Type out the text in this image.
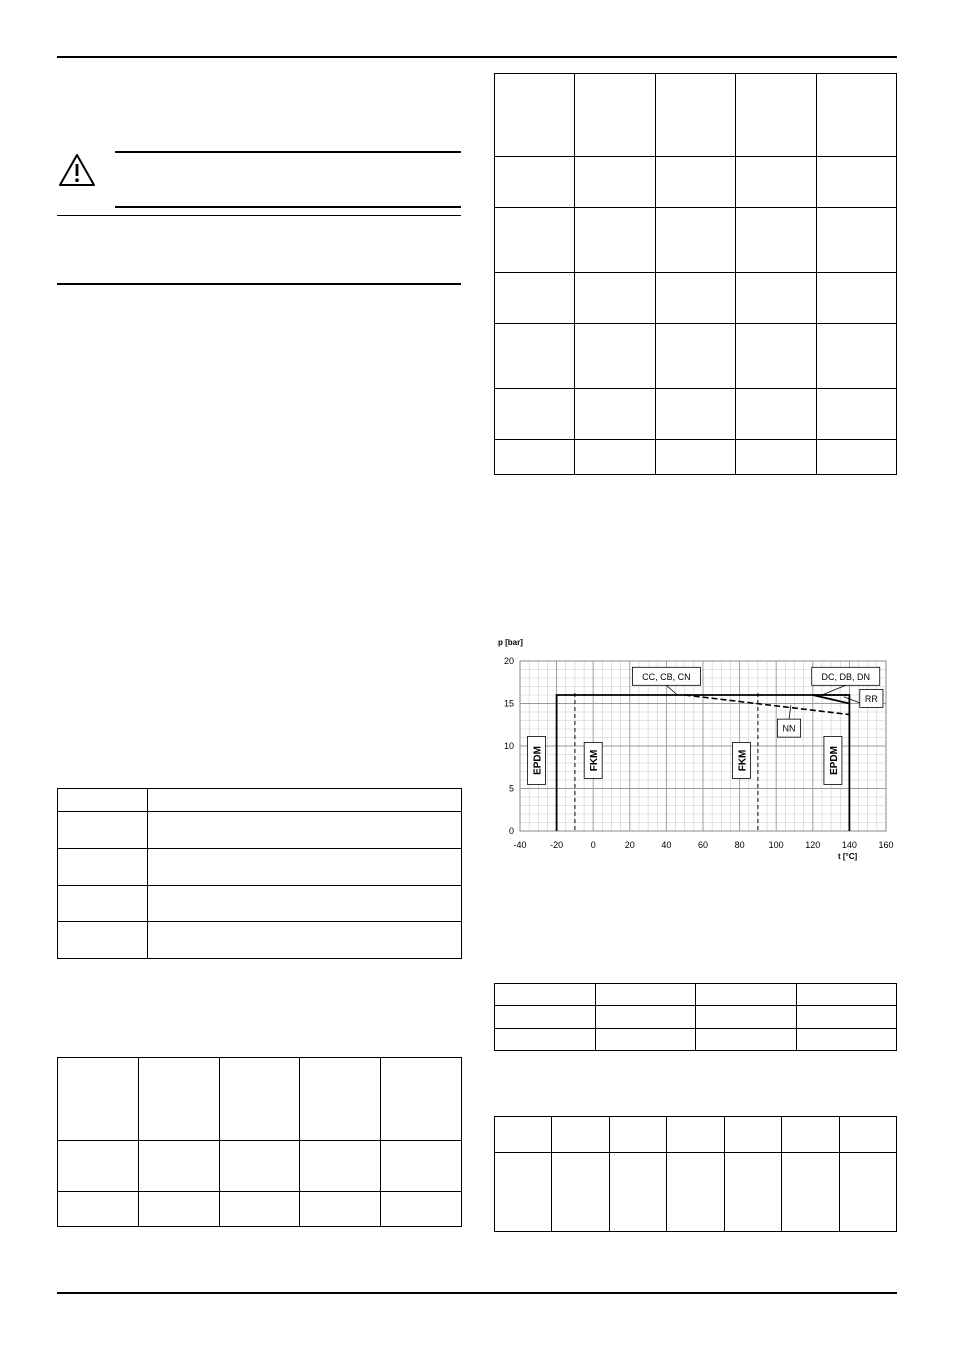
-40	-20	0	20	40	60	80	100 120 140 160
0
5
10
15
20
p [bar]
t [°C]
EPDM	FKM	FKM	EPDM
CC, CB, CN	DC, DB, DN
RR
NN
